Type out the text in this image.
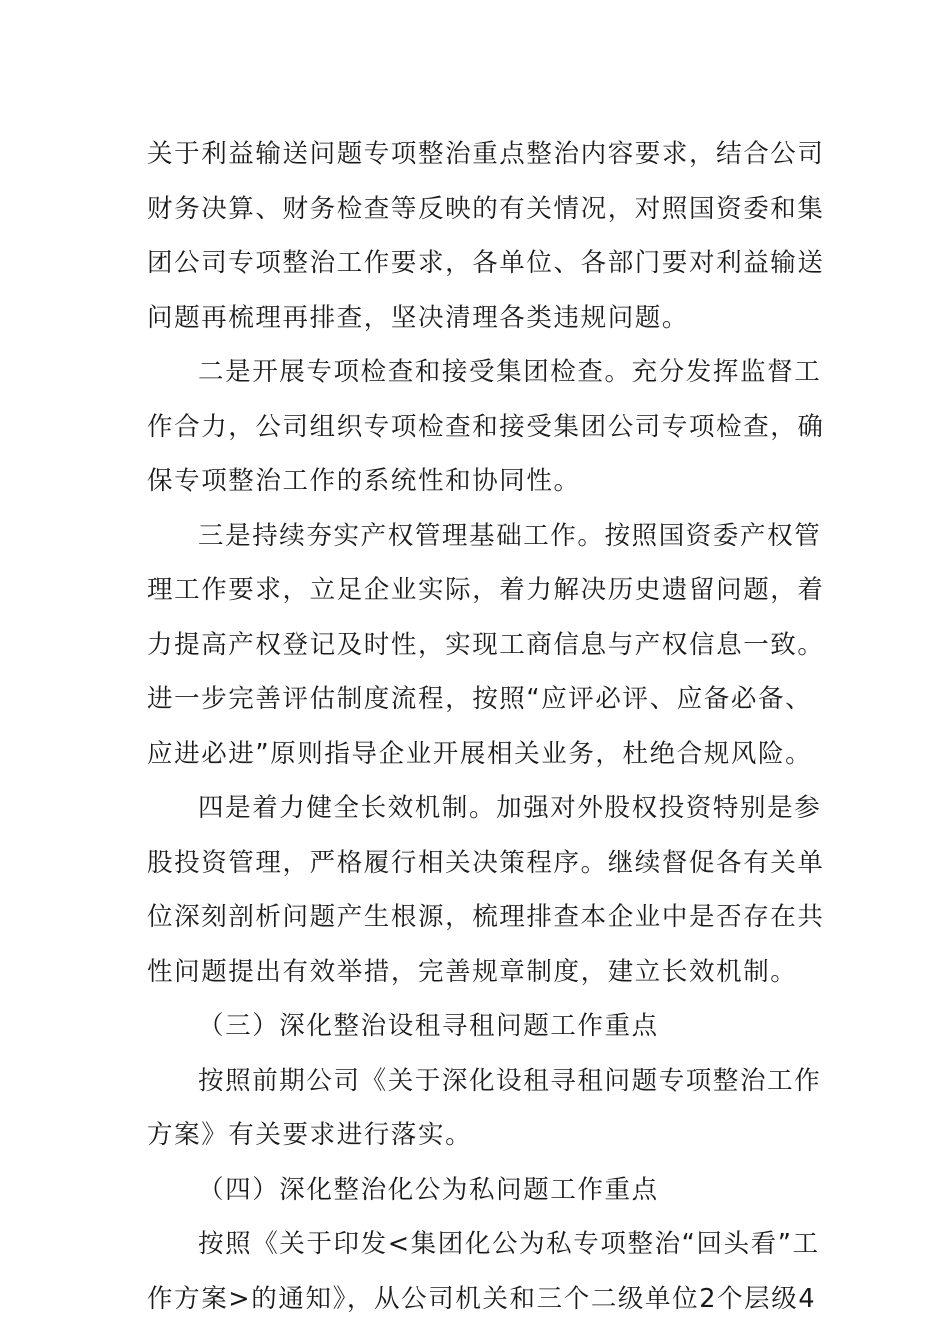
关于利益输送问题专项整治重点整治内容要求，结合公司

财务决算、财务检查等反映的有关情况，对照国资委和集

团公司专项整治工作要求，各单位、各部门要对利益输送

问题再梳理再排查，坚决清理各类违规问题。

二是开展专项检查和接受集团检查。充分发挥监督工

作合力，公司组织专项检查和接受集团公司专项检查，确

保专项整治工作的系统性和协同性。

三是持续夯实产权管理基础工作。按照国资委产权管

理工作要求，立足企业实际，着力解决历史遗留问题，着

力提高产权登记及时性，实现工商信息与产权信息一致。

进一步完善评估制度流程，按照“应评必评、应备必备、

应进必进”原则指导企业开展相关业务，杜绝合规风险。

四是着力健全长效机制。加强对外股权投资特别是参

股投资管理，严格履行相关决策程序。继续督促各有关单

位深刻剖析问题产生根源，梳理排查本企业中是否存在共

性问题提出有效举措，完善规章制度，建立长效机制。

（三）深化整治设租寻租问题工作重点

按照前期公司《关于深化设租寻租问题专项整治工作

方案》有关要求进行落实。

（四）深化整治化公为私问题工作重点

按照《关于印发<集团化公为私专项整治“回头看”工

作方案>的通知》，从公司机关和三个二级单位2个层级4
